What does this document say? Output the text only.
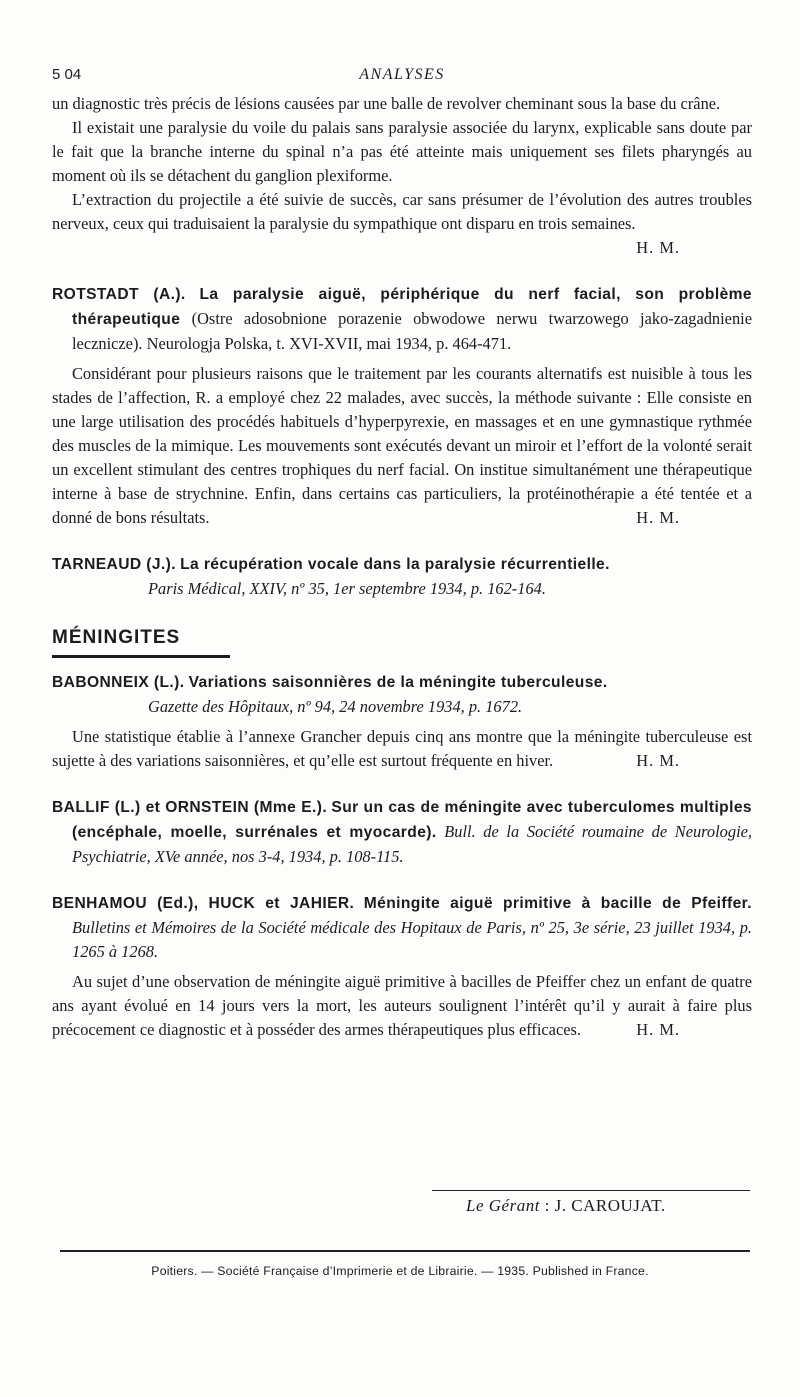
5 04	ANALYSES

un diagnostic très précis de lésions causées par une balle de revolver cheminant sous la base du crâne.

Il existait une paralysie du voile du palais sans paralysie associée du larynx, explicable sans doute par le fait que la branche interne du spinal n’a pas été atteinte mais uniquement ses filets pharyngés au moment où ils se détachent du ganglion plexiforme.

L’extraction du projectile a été suivie de succès, car sans présumer de l’évolution des autres troubles nerveux, ceux qui traduisaient la paralysie du sympathique ont disparu en trois semaines.
H. M.

ROTSTADT (A.). La paralysie aiguë, périphérique du nerf facial, son problème thérapeutique (Ostre adosobnione porazenie obwodowe nerwu twarzowego jako-zagadnienie lecznicze). Neurologja Polska, t. XVI-XVII, mai 1934, p. 464-471.

Considérant pour plusieurs raisons que le traitement par les courants alternatifs est nuisible à tous les stades de l’affection, R. a employé chez 22 malades, avec succès, la méthode suivante : Elle consiste en une large utilisation des procédés habituels d’hyperpyrexie, en massages et en une gymnastique rythmée des muscles de la mimique. Les mouvements sont exécutés devant un miroir et l’effort de la volonté serait un excellent stimulant des centres trophiques du nerf facial. On institue simultanément une thérapeutique interne à base de strychnine. Enfin, dans certains cas particuliers, la protéinothérapie a été tentée et a donné de bons résultats.	H. M.

TARNEAUD (J.). La récupération vocale dans la paralysie récurrentielle.

Paris Médical, XXIV, nº 35, 1er septembre 1934, p. 162-164.

MÉNINGITES

BABONNEIX (L.). Variations saisonnières de la méningite tuberculeuse.

Gazette des Hôpitaux, nº 94, 24 novembre 1934, p. 1672.

Une statistique établie à l’annexe Grancher depuis cinq ans montre que la méningite tuberculeuse est sujette à des variations saisonnières, et qu’elle est surtout fréquente en hiver.	H. M.

BALLIF (L.) et ORNSTEIN (Mme E.). Sur un cas de méningite avec tuberculomes multiples (encéphale, moelle, surrénales et myocarde). Bull. de la Société roumaine de Neurologie, Psychiatrie, XVe année, nos 3-4, 1934, p. 108-115.

BENHAMOU (Ed.), HUCK et JAHIER. Méningite aiguë primitive à bacille de Pfeiffer. Bulletins et Mémoires de la Société médicale des Hopitaux de Paris, nº 25, 3e série, 23 juillet 1934, p. 1265 à 1268.

Au sujet d’une observation de méningite aiguë primitive à bacilles de Pfeiffer chez un enfant de quatre ans ayant évolué en 14 jours vers la mort, les auteurs soulignent l’intérêt qu’il y aurait à faire plus précocement ce diagnostic et à posséder des armes thérapeutiques plus efficaces.	H. M.

Le Gérant : J. CAROUJAT.
Poitiers. — Société Française d’Imprimerie et de Librairie. — 1935. Published in France.
